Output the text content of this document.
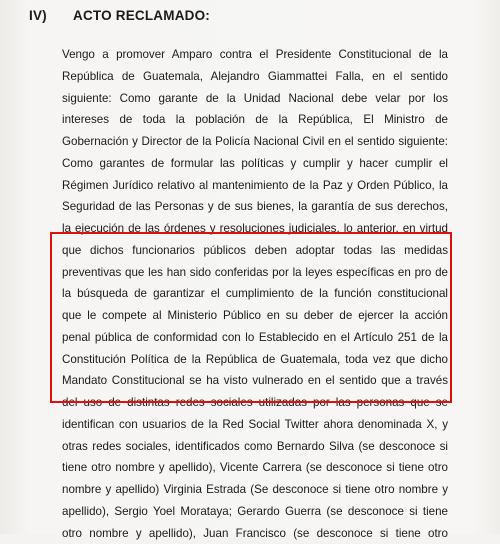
IV) ACTO RECLAMADO:
Vengo a promover Amparo contra el Presidente Constitucional de la
República de Guatemala, Alejandro Giammattei Falla, en el sentido
siguiente: Como garante de la Unidad Nacional debe velar por los
intereses de toda la población de la República, El Ministro de
Gobernación y Director de la Policía Nacional Civil en el sentido siguiente:
Como garantes de formular las políticas y cumplir y hacer cumplir el
Régimen Jurídico relativo al mantenimiento de la Paz y Orden Público, la
Seguridad de las Personas y de sus bienes, la garantía de sus derechos,
la ejecución de las órdenes y resoluciones judiciales, lo anterior, en virtud
que dichos funcionarios públicos deben adoptar todas las medidas
preventivas que les han sido conferidas por la leyes específicas en pro de
la búsqueda de garantizar el cumplimiento de la función constitucional
que le compete al Ministerio Público en su deber de ejercer la acción
penal pública de conformidad con lo Establecido en el Artículo 251 de la
Constitución Política de la República de Guatemala, toda vez que dicho
Mandato Constitucional se ha visto vulnerado en el sentido que a través
del uso de distintas redes sociales utilizadas por las personas que se
identifican con usuarios de la Red Social Twitter ahora denominada X, y
otras redes sociales, identificados como Bernardo Silva (se desconoce si
tiene otro nombre y apellido), Vicente Carrera (se desconoce si tiene otro
nombre y apellido) Virginia Estrada (Se desconoce si tiene otro nombre y
apellido), Sergio Yoel Morataya; Gerardo Guerra (se desconoce si tiene
otro nombre y apellido), Juan Francisco (se desconoce si tiene otro
